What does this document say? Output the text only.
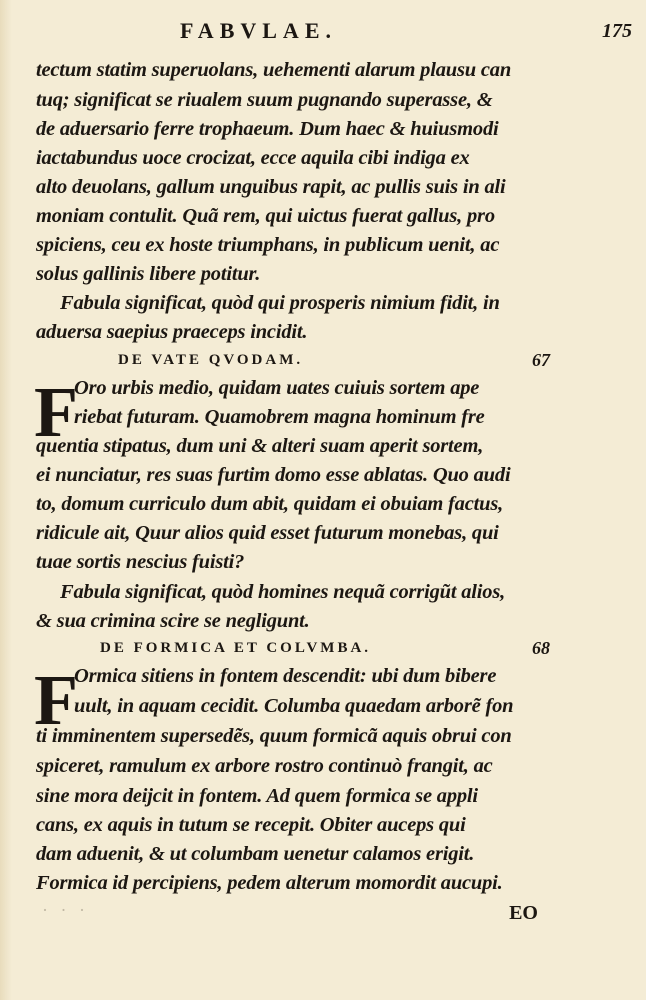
FABVLAE.	175
tectum statim superuolans, uehementi alarum plausu can
tuq; significat se riualem suum pugnando superasse, &
de aduersario ferre trophaeum. Dum haec & huiusmodi
iactabundus uoce crocizat, ecce aquila cibi indiga ex
alto deuolans, gallum unguibus rapit, ac pullis suis in ali
moniam contulit. Quã rem, qui uictus fuerat gallus, pro
spiciens, ceu ex hoste triumphans, in publicum uenit, ac
solus gallinis libere potitur.
Fabula significat, quòd qui prosperis nimium fidit, in
aduersa saepius praeceps incidit.
DE VATE QVODAM.	67
F
Oro urbis medio, quidam uates cuiuis sortem ape
riebat futuram. Quamobrem magna hominum fre
quentia stipatus, dum uni & alteri suam aperit sortem,
ei nunciatur, res suas furtim domo esse ablatas. Quo audi
to, domum curriculo dum abit, quidam ei obuiam factus,
ridicule ait, Quur alios quid esset futurum monebas, qui
tuae sortis nescius fuisti?
Fabula significat, quòd homines nequã corrigũt alios,
& sua crimina scire se negligunt.
DE FORMICA ET COLVMBA.	68
F
Ormica sitiens in fontem descendit: ubi dum bibere
uult, in aquam cecidit. Columba quaedam arborẽ fon
ti imminentem supersedẽs, quum formicã aquis obrui con
spiceret, ramulum ex arbore rostro continuò frangit, ac
sine mora deijcit in fontem. Ad quem formica se appli
cans, ex aquis in tutum se recepit. Obiter auceps qui
dam aduenit, & ut columbam uenetur calamos erigit.
Formica id percipiens, pedem alterum momordit aucupi.
· · ·	EO
